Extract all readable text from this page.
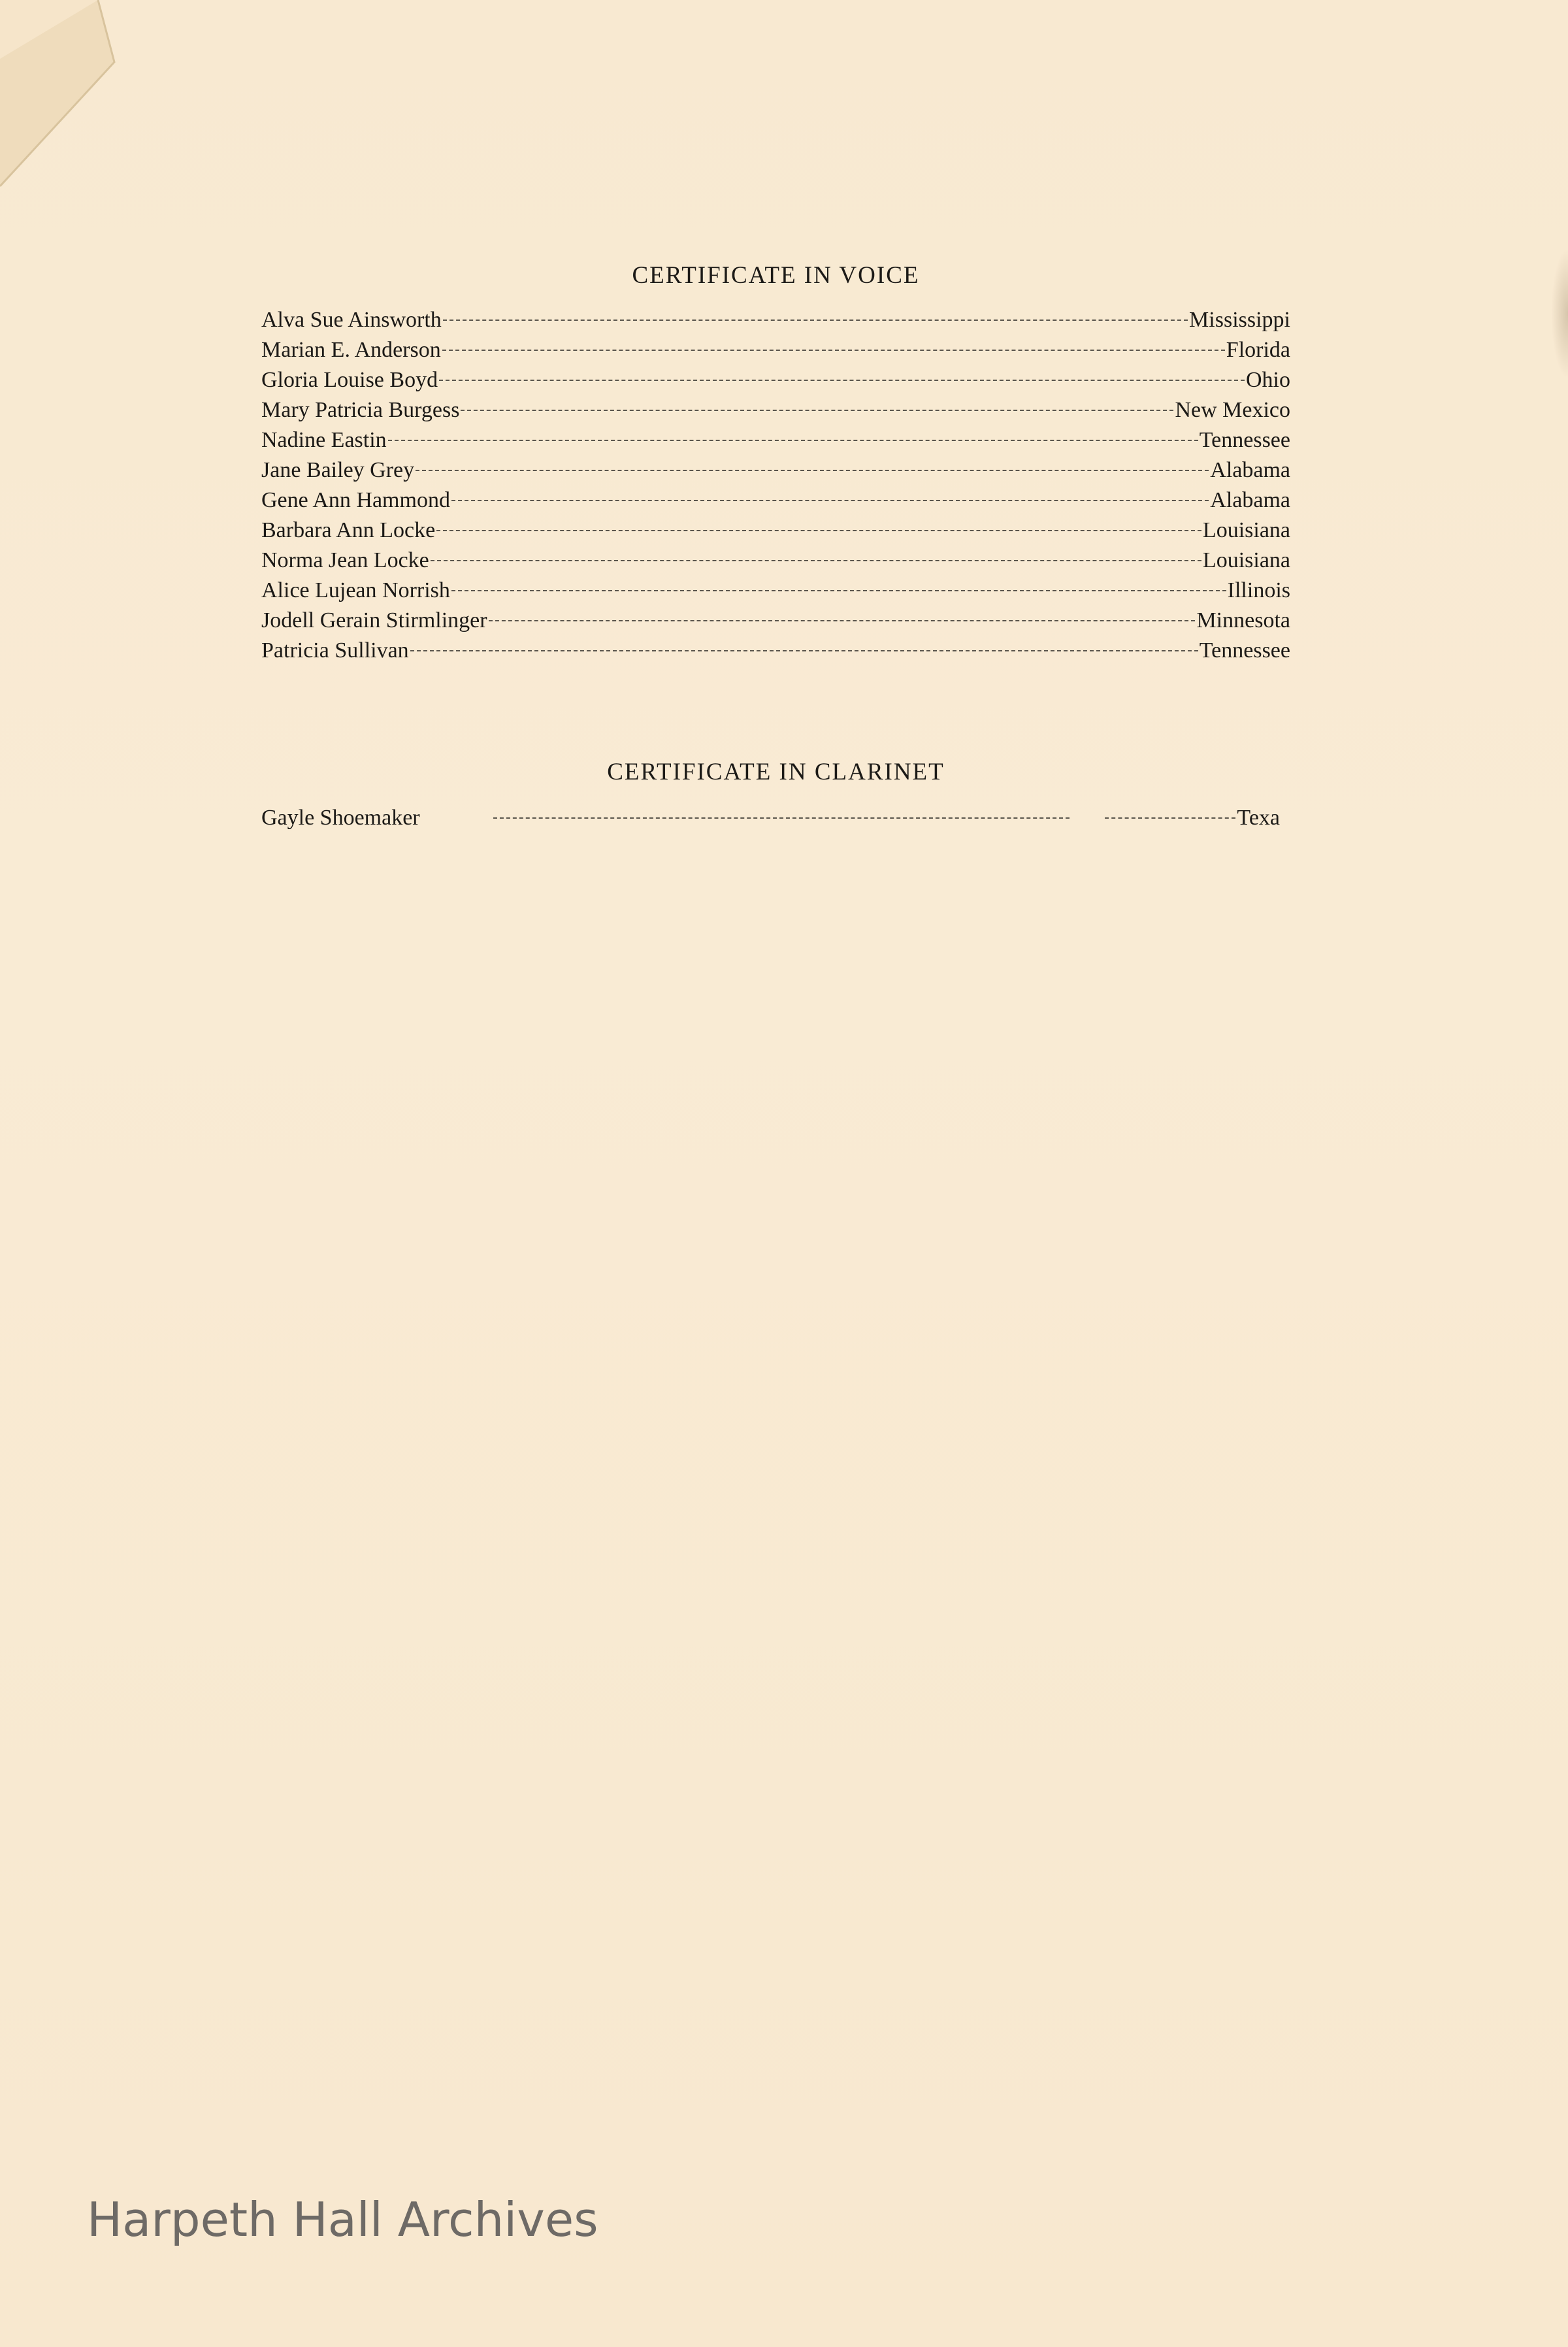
CERTIFICATE IN VOICE
Alva Sue Ainsworth	Mississippi
Marian E. Anderson	Florida
Gloria Louise Boyd	Ohio
Mary Patricia Burgess	New Mexico
Nadine Eastin	Tennessee
Jane Bailey Grey	Alabama
Gene Ann Hammond	Alabama
Barbara Ann Locke	Louisiana
Norma Jean Locke	Louisiana
Alice Lujean Norrish	Illinois
Jodell Gerain Stirmlinger	Minnesota
Patricia Sullivan	Tennessee
CERTIFICATE IN CLARINET
Gayle Shoemaker	Texa
Harpeth Hall Archives
